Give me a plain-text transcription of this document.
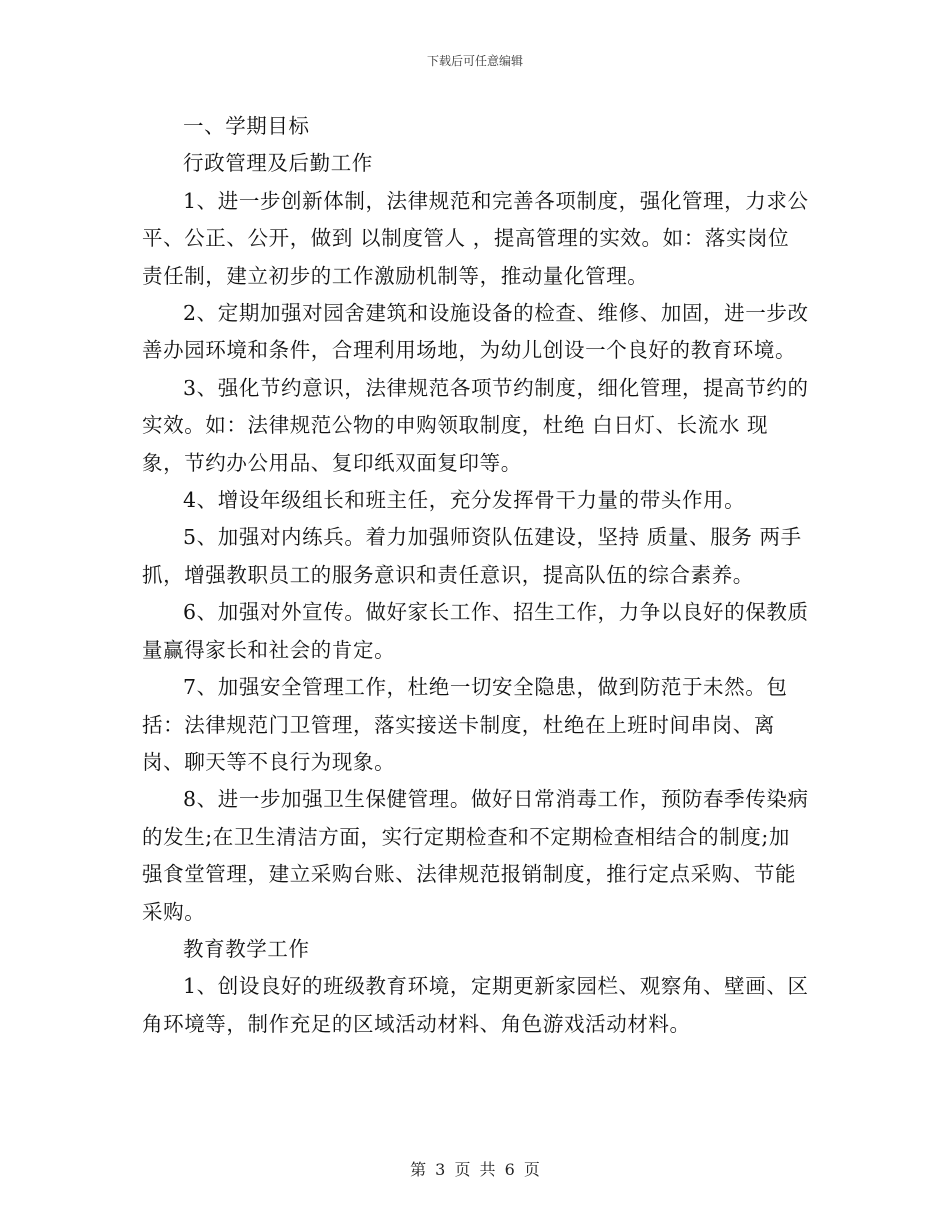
下载后可任意编辑

一、学期目标

行政管理及后勤工作

1、进一步创新体制，法律规范和完善各项制度，强化管理，力求公平、公正、公开，做到 以制度管人 ，提高管理的实效。如：落实岗位责任制，建立初步的工作激励机制等，推动量化管理。

2、定期加强对园舍建筑和设施设备的检查、维修、加固，进一步改善办园环境和条件，合理利用场地，为幼儿创设一个良好的教育环境。

3、强化节约意识，法律规范各项节约制度，细化管理，提高节约的实效。如：法律规范公物的申购领取制度，杜绝 白日灯、长流水 现象，节约办公用品、复印纸双面复印等。

4、增设年级组长和班主任，充分发挥骨干力量的带头作用。

5、加强对内练兵。着力加强师资队伍建设，坚持 质量、服务 两手抓，增强教职员工的服务意识和责任意识，提高队伍的综合素养。

6、加强对外宣传。做好家长工作、招生工作，力争以良好的保教质量赢得家长和社会的肯定。

7、加强安全管理工作，杜绝一切安全隐患，做到防范于未然。包括：法律规范门卫管理，落实接送卡制度，杜绝在上班时间串岗、离岗、聊天等不良行为现象。

8、进一步加强卫生保健管理。做好日常消毒工作，预防春季传染病的发生;在卫生清洁方面，实行定期检查和不定期检查相结合的制度;加强食堂管理，建立采购台账、法律规范报销制度，推行定点采购、节能采购。

教育教学工作

1、创设良好的班级教育环境，定期更新家园栏、观察角、壁画、区角环境等，制作充足的区域活动材料、角色游戏活动材料。

第 3 页 共 6 页
